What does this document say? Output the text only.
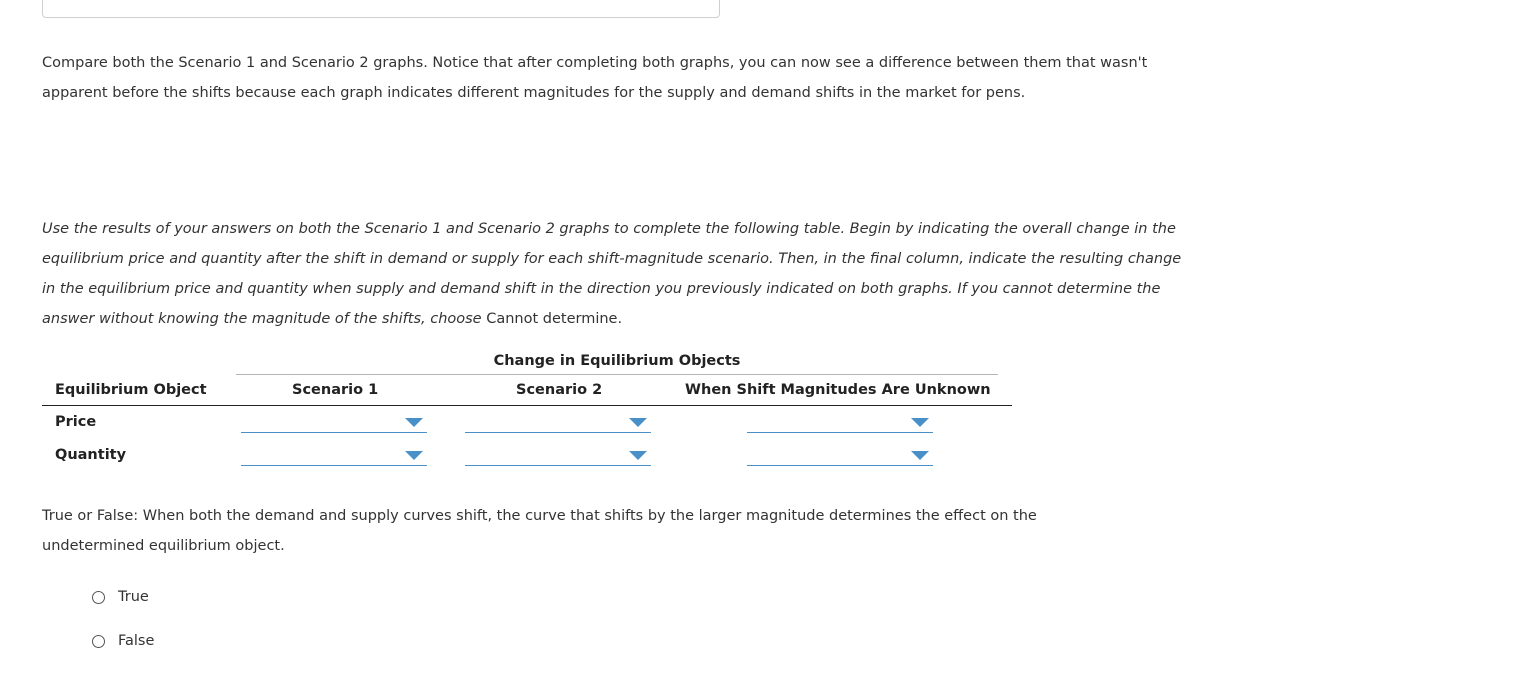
Compare both the Scenario 1 and Scenario 2 graphs. Notice that after completing both graphs, you can now see a difference between them that wasn't apparent before the shifts because each graph indicates different magnitudes for the supply and demand shifts in the market for pens.

Use the results of your answers on both the Scenario 1 and Scenario 2 graphs to complete the following table. Begin by indicating the overall change in the equilibrium price and quantity after the shift in demand or supply for each shift-magnitude scenario. Then, in the final column, indicate the resulting change in the equilibrium price and quantity when supply and demand shift in the direction you previously indicated on both graphs. If you cannot determine the answer without knowing the magnitude of the shifts, choose Cannot determine.

Change in Equilibrium Objects
Equilibrium Object	Scenario 1	Scenario 2	When Shift Magnitudes Are Unknown
Price
Quantity

True or False: When both the demand and supply curves shift, the curve that shifts by the larger magnitude determines the effect on the undetermined equilibrium object.

True
False
